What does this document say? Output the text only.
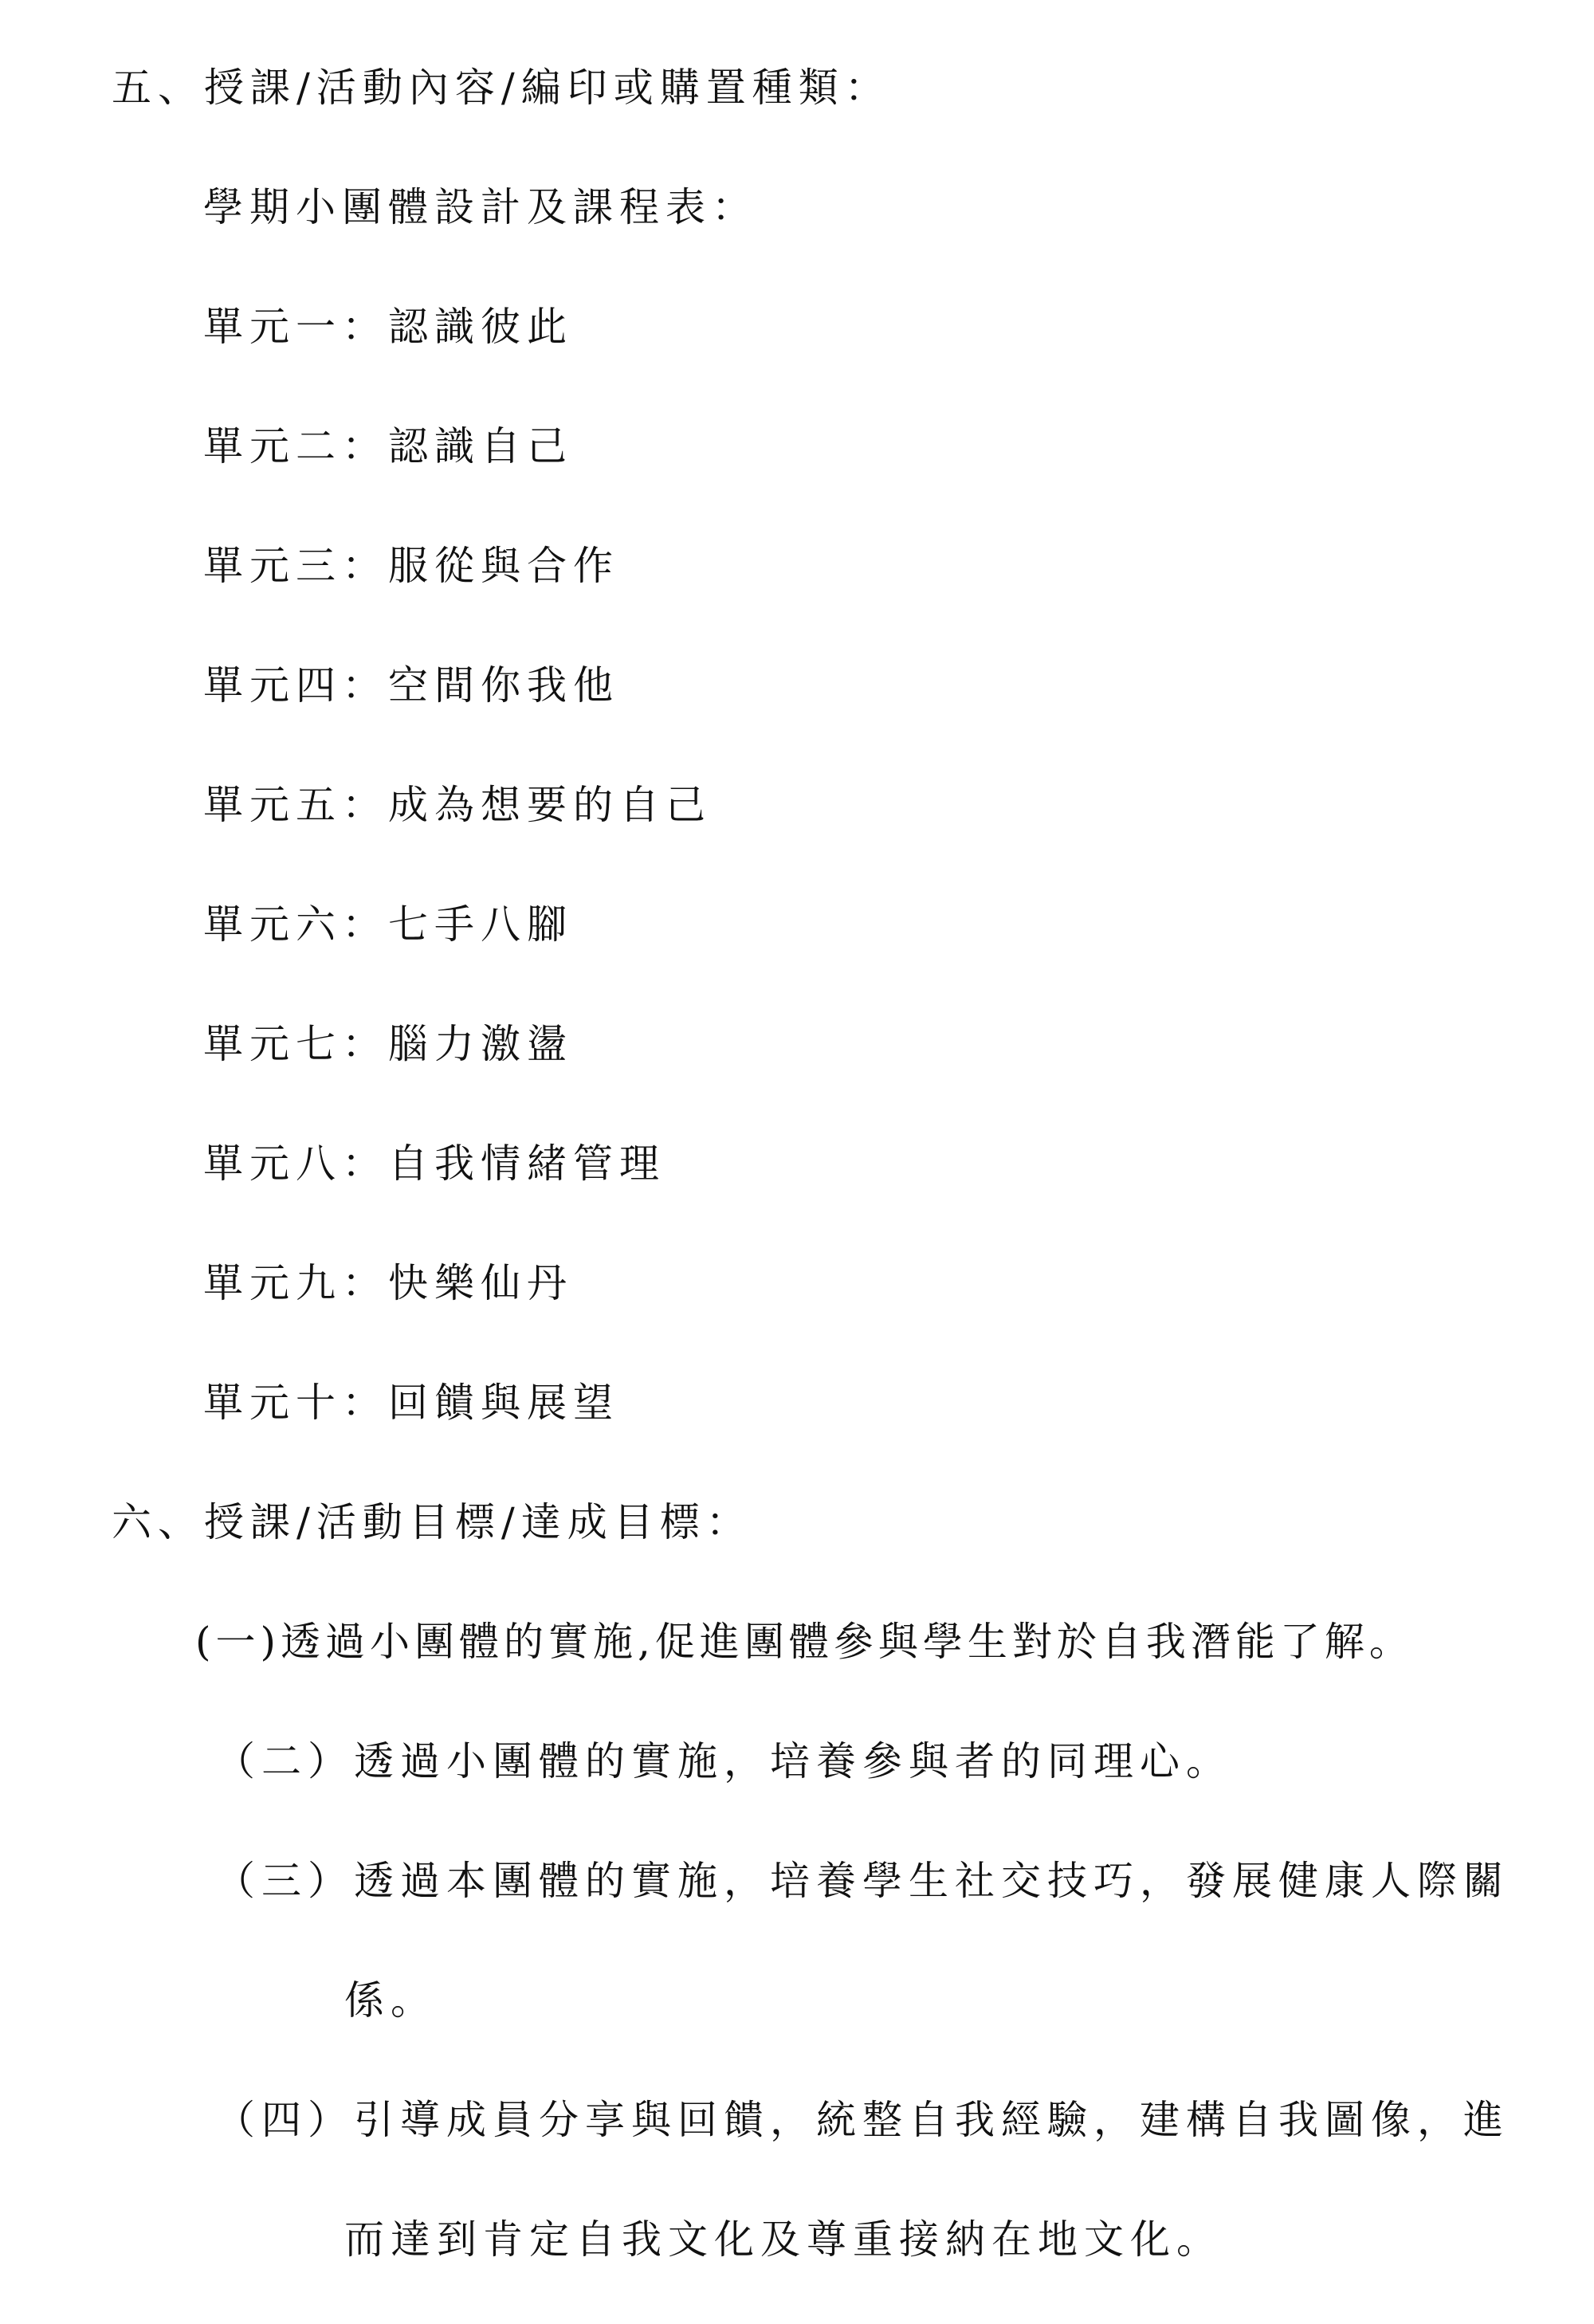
五、授課/活動內容/編印或購置種類：
學期小團體設計及課程表：
單元一：認識彼此
單元二：認識自己
單元三：服從與合作
單元四：空間你我他
單元五：成為想要的自己
單元六：七手八腳
單元七：腦力激盪
單元八：自我情緒管理
單元九：快樂仙丹
單元十：回饋與展望
六、授課/活動目標/達成目標：
(一)透過小團體的實施,促進團體參與學生對於自我潛能了解。
（二）透過小團體的實施，培養參與者的同理心。
（三）透過本團體的實施，培養學生社交技巧，發展健康人際關
係。
（四）引導成員分享與回饋，統整自我經驗，建構自我圖像，進
而達到肯定自我文化及尊重接納在地文化。
